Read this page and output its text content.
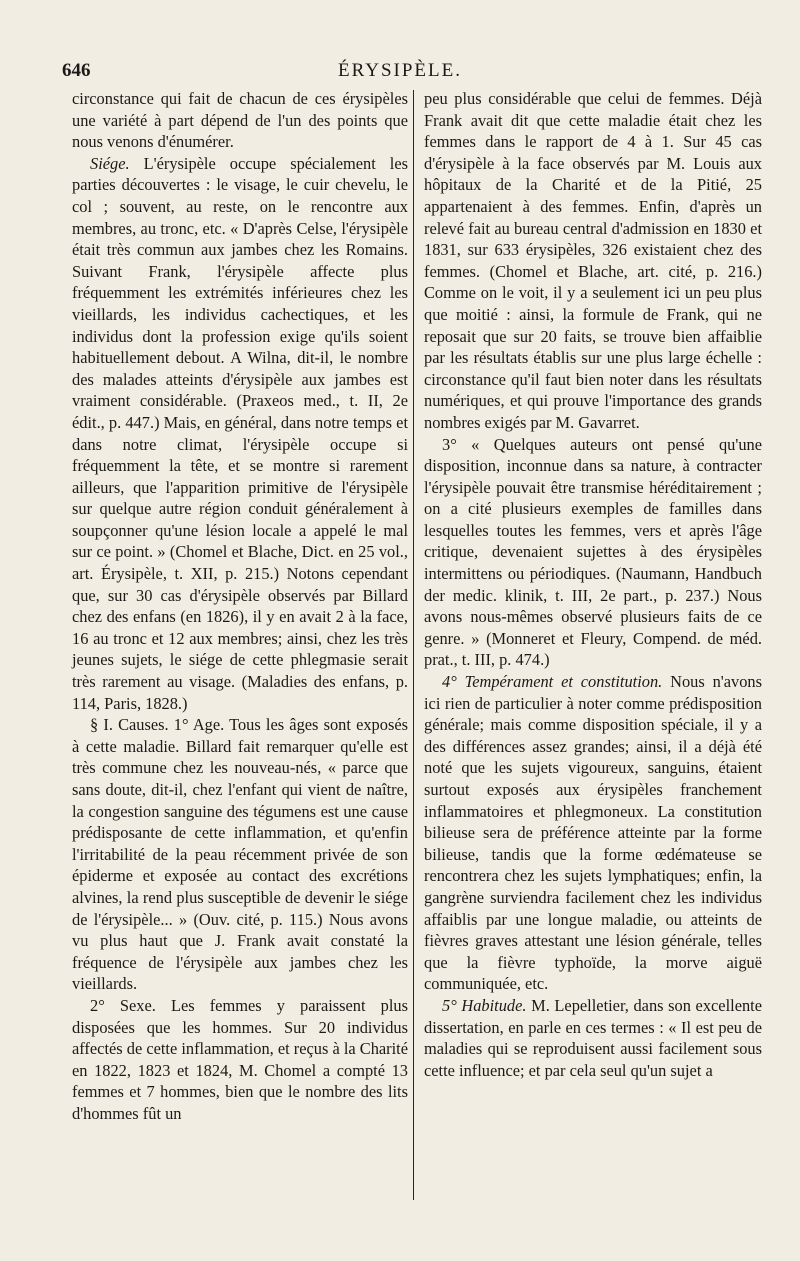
646	ÉRYSIPÈLE.

circonstance qui fait de chacun de ces érysipèles une variété à part dépend de l'un des points que nous venons d'énumérer.

Siége. L'érysipèle occupe spécialement les parties découvertes : le visage, le cuir chevelu, le col ; souvent, au reste, on le rencontre aux membres, au tronc, etc. « D'après Celse, l'érysipèle était très commun aux jambes chez les Romains. Suivant Frank, l'érysipèle affecte plus fréquemment les extrémités inférieures chez les vieillards, les individus cachectiques, et les individus dont la profession exige qu'ils soient habituellement debout. A Wilna, dit-il, le nombre des malades atteints d'érysipèle aux jambes est vraiment considérable. (Praxeos med., t. II, 2e édit., p. 447.) Mais, en général, dans notre temps et dans notre climat, l'érysipèle occupe si fréquemment la tête, et se montre si rarement ailleurs, que l'apparition primitive de l'érysipèle sur quelque autre région conduit généralement à soupçonner qu'une lésion locale a appelé le mal sur ce point. » (Chomel et Blache, Dict. en 25 vol., art. Érysipèle, t. XII, p. 215.) Notons cependant que, sur 30 cas d'érysipèle observés par Billard chez des enfans (en 1826), il y en avait 2 à la face, 16 au tronc et 12 aux membres; ainsi, chez les très jeunes sujets, le siége de cette phlegmasie serait très rarement au visage. (Maladies des enfans, p. 114, Paris, 1828.)

§ I. Causes. 1° Age. Tous les âges sont exposés à cette maladie. Billard fait remarquer qu'elle est très commune chez les nouveau-nés, « parce que sans doute, dit-il, chez l'enfant qui vient de naître, la congestion sanguine des tégumens est une cause prédisposante de cette inflammation, et qu'enfin l'irritabilité de la peau récemment privée de son épiderme et exposée au contact des excrétions alvines, la rend plus susceptible de devenir le siége de l'érysipèle... » (Ouv. cité, p. 115.) Nous avons vu plus haut que J. Frank avait constaté la fréquence de l'érysipèle aux jambes chez les vieillards.

2° Sexe. Les femmes y paraissent plus disposées que les hommes. Sur 20 individus affectés de cette inflammation, et reçus à la Charité en 1822, 1823 et 1824, M. Chomel a compté 13 femmes et 7 hommes, bien que le nombre des lits d'hommes fût un

peu plus considérable que celui de femmes. Déjà Frank avait dit que cette maladie était chez les femmes dans le rapport de 4 à 1. Sur 45 cas d'érysipèle à la face observés par M. Louis aux hôpitaux de la Charité et de la Pitié, 25 appartenaient à des femmes. Enfin, d'après un relevé fait au bureau central d'admission en 1830 et 1831, sur 633 érysipèles, 326 existaient chez des femmes. (Chomel et Blache, art. cité, p. 216.) Comme on le voit, il y a seulement ici un peu plus que moitié : ainsi, la formule de Frank, qui ne reposait que sur 20 faits, se trouve bien affaiblie par les résultats établis sur une plus large échelle : circonstance qu'il faut bien noter dans les résultats numériques, et qui prouve l'importance des grands nombres exigés par M. Gavarret.

3° « Quelques auteurs ont pensé qu'une disposition, inconnue dans sa nature, à contracter l'érysipèle pouvait être transmise héréditairement ; on a cité plusieurs exemples de familles dans lesquelles toutes les femmes, vers et après l'âge critique, devenaient sujettes à des érysipèles intermittens ou périodiques. (Naumann, Handbuch der medic. klinik, t. III, 2e part., p. 237.) Nous avons nous-mêmes observé plusieurs faits de ce genre. » (Monneret et Fleury, Compend. de méd. prat., t. III, p. 474.)

4° Tempérament et constitution. Nous n'avons ici rien de particulier à noter comme prédisposition générale; mais comme disposition spéciale, il y a des différences assez grandes; ainsi, il a déjà été noté que les sujets vigoureux, sanguins, étaient surtout exposés aux érysipèles franchement inflammatoires et phlegmoneux. La constitution bilieuse sera de préférence atteinte par la forme bilieuse, tandis que la forme œdémateuse se rencontrera chez les sujets lymphatiques; enfin, la gangrène surviendra facilement chez les individus affaiblis par une longue maladie, ou atteints de fièvres graves attestant une lésion générale, telles que la fièvre typhoïde, la morve aiguë communiquée, etc.

5° Habitude. M. Lepelletier, dans son excellente dissertation, en parle en ces termes : « Il est peu de maladies qui se reproduisent aussi facilement sous cette influence; et par cela seul qu'un sujet a
